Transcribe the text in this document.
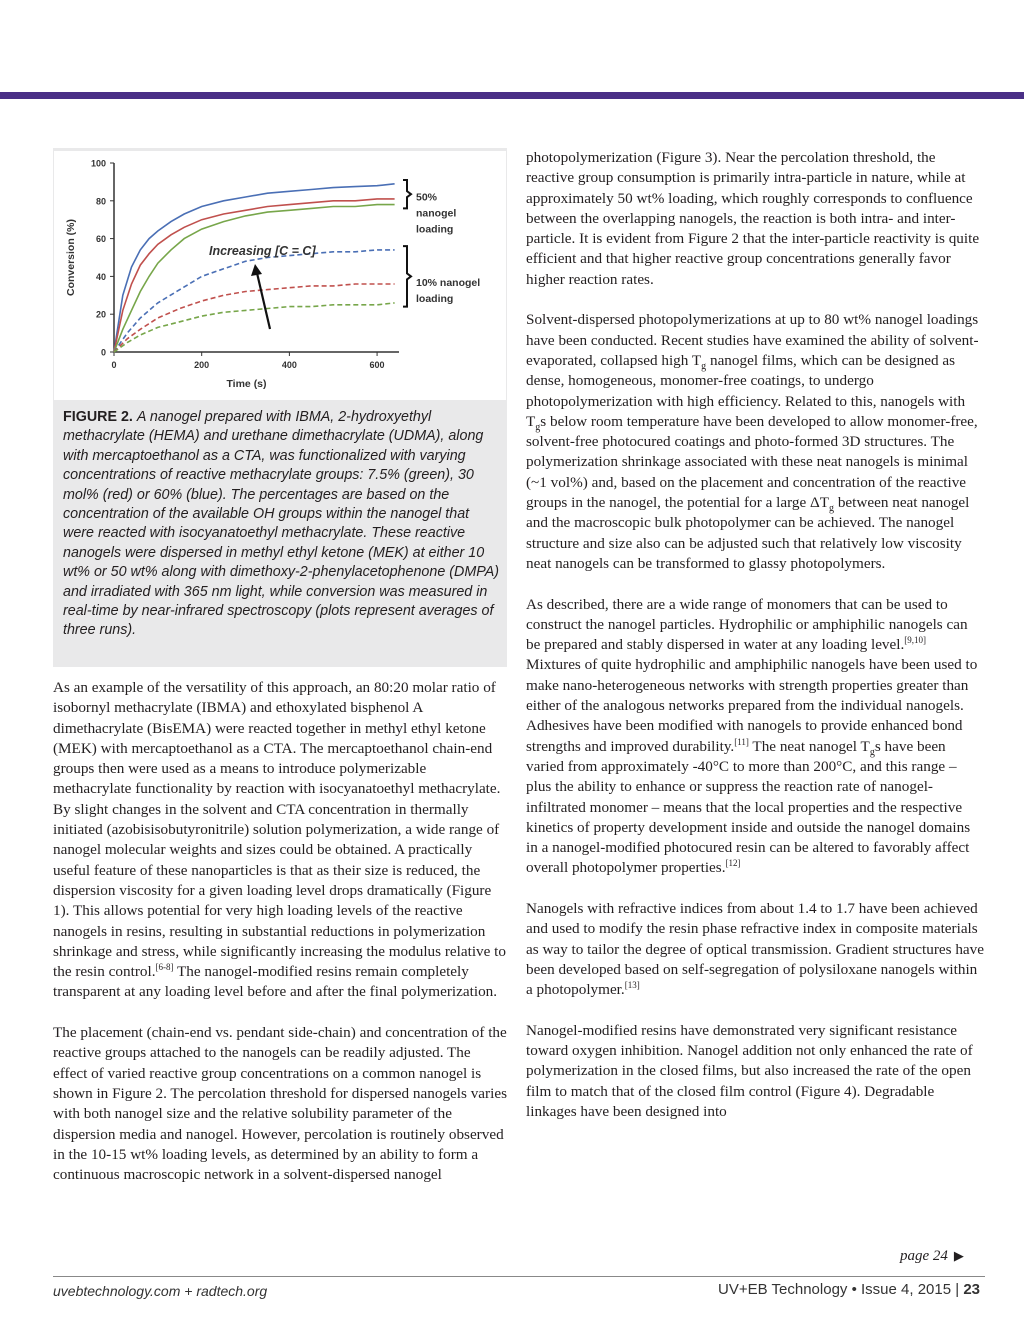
0
20
40
60
80
100
0	200	400	600
Time (s)
Conversion (%)	Increasing [C = C]
50%
nanogel
loading
10% nanogel
loading
FIGURE 2. A nanogel prepared with IBMA, 2-hydroxyethyl methacrylate (HEMA) and urethane dimethacrylate (UDMA), along with mercaptoethanol as a CTA, was functionalized with varying concentrations of reactive methacrylate groups: 7.5% (green), 30 mol% (red) or 60% (blue). The percentages are based on the concentration of the available OH groups within the nanogel that were reacted with isocyanatoethyl methacrylate. These reactive nanogels were dispersed in methyl ethyl ketone (MEK) at either 10 wt% or 50 wt% along with dimethoxy-2-phenylacetophenone (DMPA) and irradiated with 365 nm light, while conversion was measured in real-time by near-infrared spectroscopy (plots represent averages of three runs).

As an example of the versatility of this approach, an 80:20 molar ratio of isobornyl methacrylate (IBMA) and ethoxylated bisphenol A dimethacrylate (BisEMA) were reacted together in methyl ethyl ketone (MEK) with mercaptoethanol as a CTA. The mercaptoethanol chain-end groups then were used as a means to introduce polymerizable methacrylate functionality by reaction with isocyanatoethyl methacrylate. By slight changes in the solvent and CTA concentration in thermally initiated (azobisisobutyronitrile) solution polymerization, a wide range of nanogel molecular weights and sizes could be obtained. A practically useful feature of these nanoparticles is that as their size is reduced, the dispersion viscosity for a given loading level drops dramatically (Figure 1). This allows potential for very high loading levels of the reactive nanogels in resins, resulting in substantial reductions in polymerization shrinkage and stress, while significantly increasing the modulus relative to the resin control.[6-8] The nanogel-modified resins remain completely transparent at any loading level before and after the final polymerization.

The placement (chain-end vs. pendant side-chain) and concentration of the reactive groups attached to the nanogels can be readily adjusted. The effect of varied reactive group concentrations on a common nanogel is shown in Figure 2. The percolation threshold for dispersed nanogels varies with both nanogel size and the relative solubility parameter of the dispersion media and nanogel. However, percolation is routinely observed in the 10-15 wt% loading levels, as determined by an ability to form a continuous macroscopic network in a solvent-dispersed nanogel

photopolymerization (Figure 3). Near the percolation threshold, the reactive group consumption is primarily intra-particle in nature, while at approximately 50 wt% loading, which roughly corresponds to confluence between the overlapping nanogels, the reaction is both intra- and inter-particle. It is evident from Figure 2 that the inter-particle reactivity is quite efficient and that higher reactive group concentrations generally favor higher reaction rates.

Solvent-dispersed photopolymerizations at up to 80 wt% nanogel loadings have been conducted. Recent studies have examined the ability of solvent-evaporated, collapsed high $T_g$ nanogel films, which can be designed as dense, homogeneous, monomer-free coatings, to undergo photopolymerization with high efficiency. Related to this, nanogels with $T_gs$ below room temperature have been developed to allow monomer-free, solvent-free photocured coatings and photo-formed 3D structures. The polymerization shrinkage associated with these neat nanogels is minimal (~1 vol%) and, based on the placement and concentration of the reactive groups in the nanogel, the potential for a large $\Delta T_g$ between neat nanogel and the macroscopic bulk photopolymer can be achieved. The nanogel structure and size also can be adjusted such that relatively low viscosity neat nanogels can be transformed to glassy photopolymers.

As described, there are a wide range of monomers that can be used to construct the nanogel particles. Hydrophilic or amphiphilic nanogels can be prepared and stably dispersed in water at any loading level.[9,10] Mixtures of quite hydrophilic and amphiphilic nanogels have been used to make nano-heterogeneous networks with strength properties greater than either of the analogous networks prepared from the individual nanogels. Adhesives have been modified with nanogels to provide enhanced bond strengths and improved durability.[11] The neat nanogel $T_gs$ have been varied from approximately -40°C to more than 200°C, and this range – plus the ability to enhance or suppress the reaction rate of nanogel-infiltrated monomer – means that the local properties and the respective kinetics of property development inside and outside the nanogel domains in a nanogel-modified photocured resin can be altered to favorably affect overall photopolymer properties.[12]

Nanogels with refractive indices from about 1.4 to 1.7 have been achieved and used to modify the resin phase refractive index in composite materials as way to tailor the degree of optical transmission. Gradient structures have been developed based on self-segregation of polysiloxane nanogels within a photopolymer.[13]

Nanogel-modified resins have demonstrated very significant resistance toward oxygen inhibition. Nanogel addition not only enhanced the rate of polymerization in the closed films, but also increased the rate of the open film to match that of the closed film control (Figure 4). Degradable linkages have been designed into

page 24 ▶
uvebtechnology.com + radtech.org	UV+EB Technology • Issue 4, 2015 | 23
